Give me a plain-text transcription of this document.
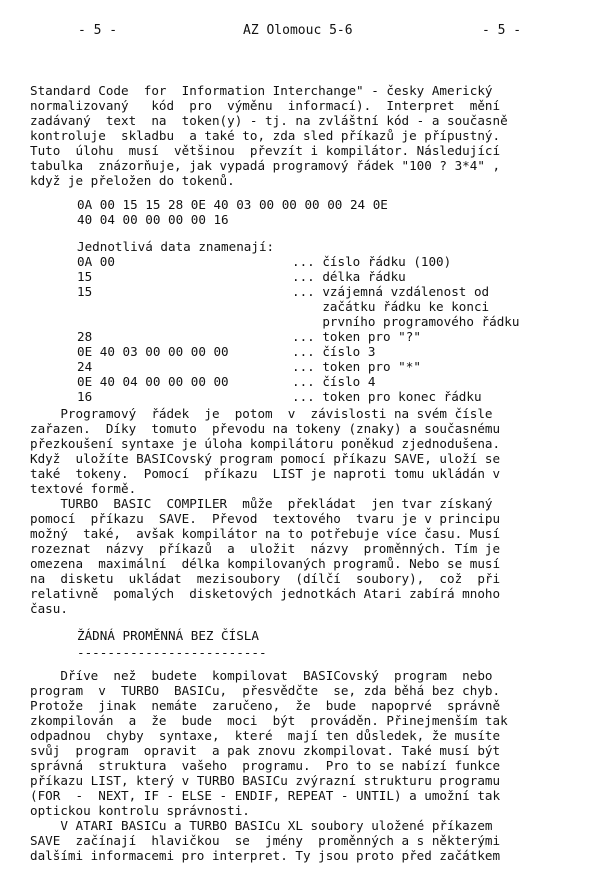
- 5 -	AZ Olomouc 5-6	- 5 -
Standard Code  for  Information Interchange" - česky Americký
normalizovaný   kód  pro  výměnu  informací).  Interpret  mění
zadávaný  text  na  token(y) - tj. na zvláštní kód - a současně
kontroluje  skladbu  a také to, zda sled příkazů je přípustný.
Tuto  úlohu  musí  většinou  převzít i kompilátor. Následující
tabulka  znázorňuje, jak vypadá programový řádek "100 ? 3*4" ,
když je přeložen do tokenů.
0A 00 15 15 28 0E 40 03 00 00 00 00 24 0E
40 04 00 00 00 00 16
Jednotlivá data znamenají:
0A 00	... číslo řádku (100)
15	... délka řádku
15	... vzájemná vzdálenost od
začátku řádku ke konci
prvního programového řádku
28	... token pro "?"
0E 40 03 00 00 00 00	... číslo 3
24	... token pro "*"
0E 40 04 00 00 00 00	... číslo 4
16	... token pro konec řádku
Programový  řádek  je  potom  v  závislosti na svém čísle
zařazen.  Díky  tomuto  převodu na tokeny (znaky) a současnému
přezkoušení syntaxe je úloha kompilátoru poněkud zjednodušena.
Když  uložíte BASICovský program pomocí příkazu SAVE, uloží se
také  tokeny.  Pomocí  příkazu  LIST je naproti tomu ukládán v
textové formě.
TURBO  BASIC  COMPILER  může  překládat  jen tvar získaný
pomocí  příkazu  SAVE.  Převod  textového  tvaru je v principu
možný  také,  avšak kompilátor na to potřebuje více času. Musí
rozeznat  názvy  příkazů  a  uložit  názvy  proměnných. Tím je
omezena  maximální  délka kompilovaných programů. Nebo se musí
na  disketu  ukládat  mezisoubory  (dílčí  soubory),  což  při
relativně  pomalých  disketových jednotkách Atari zabírá mnoho
času.
ŽÁDNÁ PROMĚNNÁ BEZ ČÍSLA
-------------------------
Dříve  než  budete  kompilovat  BASICovský  program  nebo
program  v  TURBO  BASICu,  přesvědčte  se, zda běhá bez chyb.
Protože  jinak  nemáte  zaručeno,  že  bude  napoprvé  správně
zkompilován  a  že  bude  moci  být  prováděn. Přinejmenším tak
odpadnou  chyby  syntaxe,  které  mají ten důsledek, že musíte
svůj  program  opravit  a pak znovu zkompilovat. Také musí být
správná  struktura  vašeho  programu.  Pro to se nabízí funkce
příkazu LIST, který v TURBO BASICu zvýrazní strukturu programu
(FOR  -  NEXT, IF - ELSE - ENDIF, REPEAT - UNTIL) a umožní tak
optickou kontrolu správnosti.
V ATARI BASICu a TURBO BASICu XL soubory uložené příkazem
SAVE  začínají  hlavičkou  se  jmény  proměnných a s některými
dalšími informacemi pro interpret. Ty jsou proto před začátkem
